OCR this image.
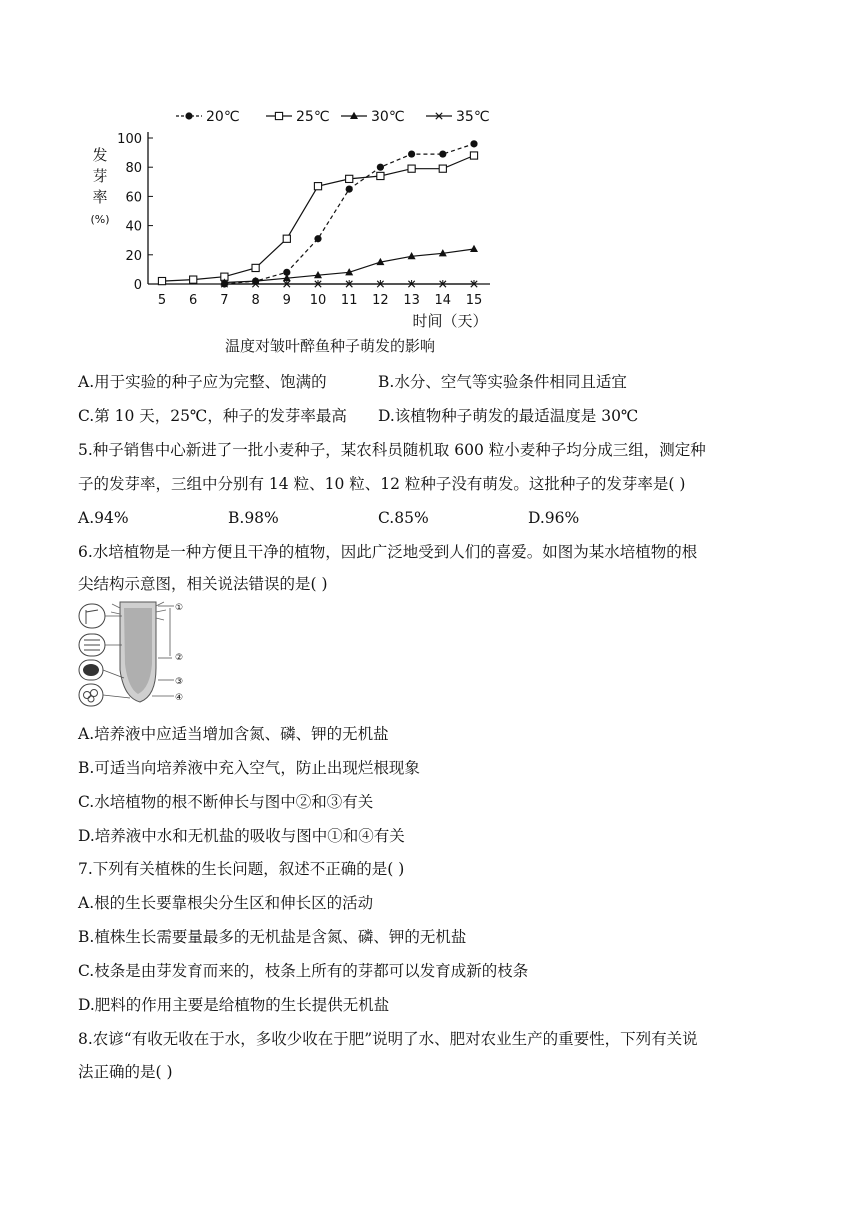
0
20
40
60
80
100
5 6 7 8 9 10 11 12 13 14 15
发
芽
率
(%)
时间（天）
温度对皱叶醉鱼种子萌发的影响
20℃	25℃	30℃	35℃
A.用于实验的种子应为完整、饱满的	B.水分、空气等实验条件相同且适宜
C.第 10 天，25℃，种子的发芽率最高 D.该植物种子萌发的最适温度是 30℃
5.种子销售中心新进了一批小麦种子，某农科员随机取 600 粒小麦种子均分成三组，测定种
子的发芽率，三组中分别有 14 粒、10 粒、12 粒种子没有萌发。这批种子的发芽率是( )
A.94%	B.98%	C.85%	D.96%
6.水培植物是一种方便且干净的植物，因此广泛地受到人们的喜爱。如图为某水培植物的根
尖结构示意图，相关说法错误的是( )
①
②
③
④
A.培养液中应适当增加含氮、磷、钾的无机盐
B.可适当向培养液中充入空气，防止出现烂根现象
C.水培植物的根不断伸长与图中②和③有关
D.培养液中水和无机盐的吸收与图中①和④有关
7.下列有关植株的生长问题，叙述不正确的是( )
A.根的生长要靠根尖分生区和伸长区的活动
B.植株生长需要量最多的无机盐是含氮、磷、钾的无机盐
C.枝条是由芽发育而来的，枝条上所有的芽都可以发育成新的枝条
D.肥料的作用主要是给植物的生长提供无机盐
8.农谚“有收无收在于水，多收少收在于肥”说明了水、肥对农业生产的重要性，下列有关说
法正确的是( )
